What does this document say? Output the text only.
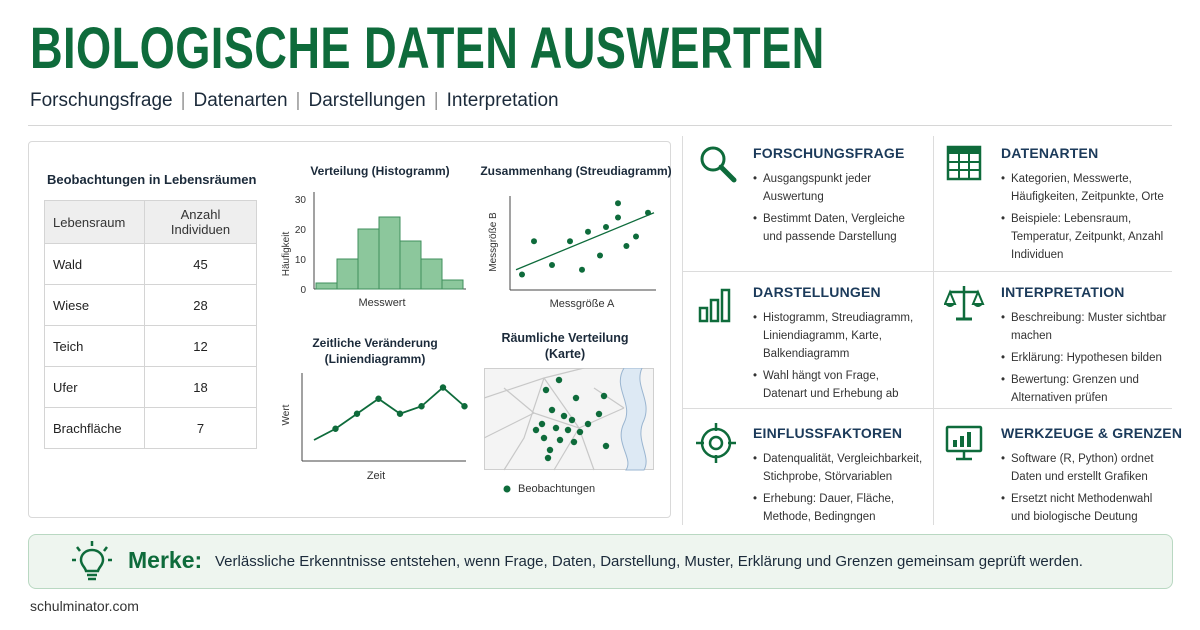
BIOLOGISCHE DATEN AUSWERTEN
Forschungsfrage | Datenarten | Darstellungen | Interpretation
Beobachtungen in Lebensräumen
Lebensraum	Anzahl Individuen
Wald	45
Wiese	28
Teich	12
Ufer	18
Brachfläche	7
Verteilung (Histogramm)
Häufigkeit
Messwert
0
10
20
30
Zusammenhang (Streudiagramm)
Messgröße B
Messgröße A
Zeitliche Veränderung
(Liniendiagramm)
Wert
Zeit
Räumliche Verteilung
(Karte)
Beobachtungen
FORSCHUNGSFRAGE
• Ausgangspunkt jeder Auswertung
• Bestimmt Daten, Vergleiche und passende Darstellung
DATENARTEN
• Kategorien, Messwerte, Häufigkeiten, Zeitpunkte, Orte
• Beispiele: Lebensraum, Temperatur, Zeitpunkt, Anzahl Individuen
DARSTELLUNGEN
• Histogramm, Streudiagramm, Liniendiagramm, Karte, Balkendiagramm
• Wahl hängt von Frage, Datenart und Erhebung ab
INTERPRETATION
• Beschreibung: Muster sichtbar machen
• Erklärung: Hypothesen bilden
• Bewertung: Grenzen und Alternativen prüfen
EINFLUSSFAKTOREN
• Datenqualität, Vergleichbarkeit, Stichprobe, Störvariablen
• Erhebung: Dauer, Fläche, Methode, Bedingngen
WERKZEUGE & GRENZEN
• Software (R, Python) ordnet Daten und erstellt Grafiken
• Ersetzt nicht Methodenwahl und biologische Deutung
Merke: Verlässliche Erkenntnisse entstehen, wenn Frage, Daten, Darstellung, Muster, Erklärung und Grenzen gemeinsam geprüft werden.
schulminator.com
